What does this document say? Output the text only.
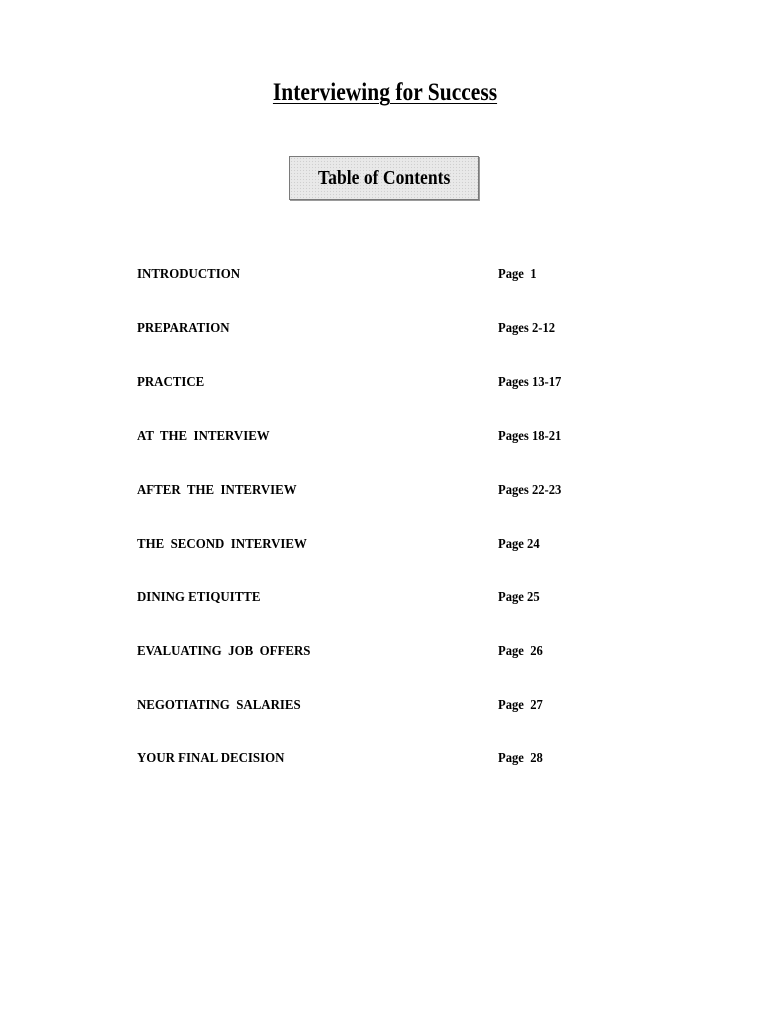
Interviewing for Success
Table of Contents
INTRODUCTION	Page  1
PREPARATION	Pages 2-12
PRACTICE	Pages 13-17
AT  THE  INTERVIEW	Pages 18-21
AFTER  THE  INTERVIEW	Pages 22-23
THE  SECOND  INTERVIEW	Page 24
DINING ETIQUITTE	Page 25
EVALUATING  JOB  OFFERS	Page  26
NEGOTIATING  SALARIES	Page  27
YOUR FINAL DECISION	Page  28
